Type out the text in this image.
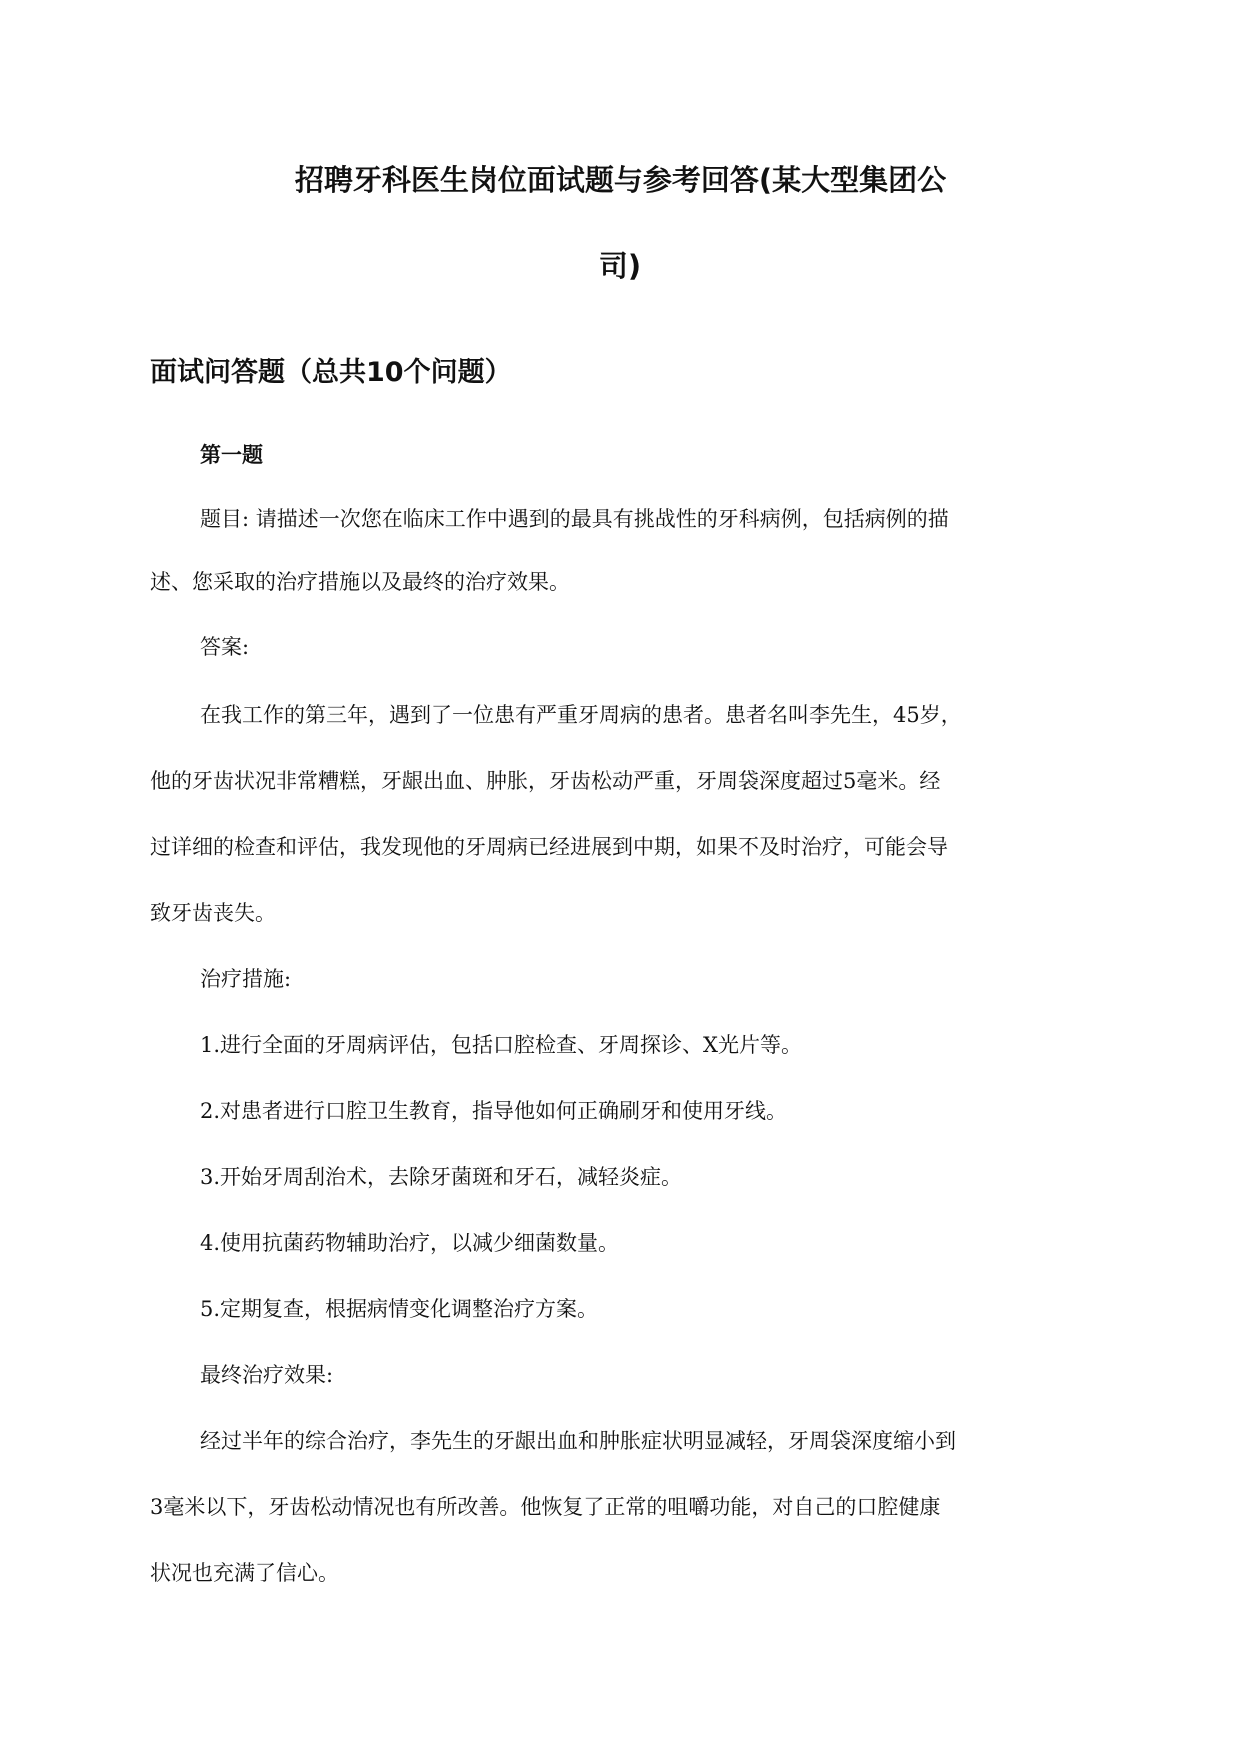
招聘牙科医生岗位面试题与参考回答(某大型集团公
司)
面试问答题（总共10个问题）
第一题

题目: 请描述一次您在临床工作中遇到的最具有挑战性的牙科病例，包括病例的描

述、您采取的治疗措施以及最终的治疗效果。

答案:

在我工作的第三年，遇到了一位患有严重牙周病的患者。患者名叫李先生，45岁，

他的牙齿状况非常糟糕，牙龈出血、肿胀，牙齿松动严重，牙周袋深度超过5毫米。经

过详细的检查和评估，我发现他的牙周病已经进展到中期，如果不及时治疗，可能会导

致牙齿丧失。

治疗措施:

1.进行全面的牙周病评估，包括口腔检查、牙周探诊、X光片等。

2.对患者进行口腔卫生教育，指导他如何正确刷牙和使用牙线。

3.开始牙周刮治术，去除牙菌斑和牙石，减轻炎症。

4.使用抗菌药物辅助治疗，以减少细菌数量。

5.定期复查，根据病情变化调整治疗方案。

最终治疗效果:

经过半年的综合治疗，李先生的牙龈出血和肿胀症状明显减轻，牙周袋深度缩小到

3毫米以下，牙齿松动情况也有所改善。他恢复了正常的咀嚼功能，对自己的口腔健康

状况也充满了信心。
